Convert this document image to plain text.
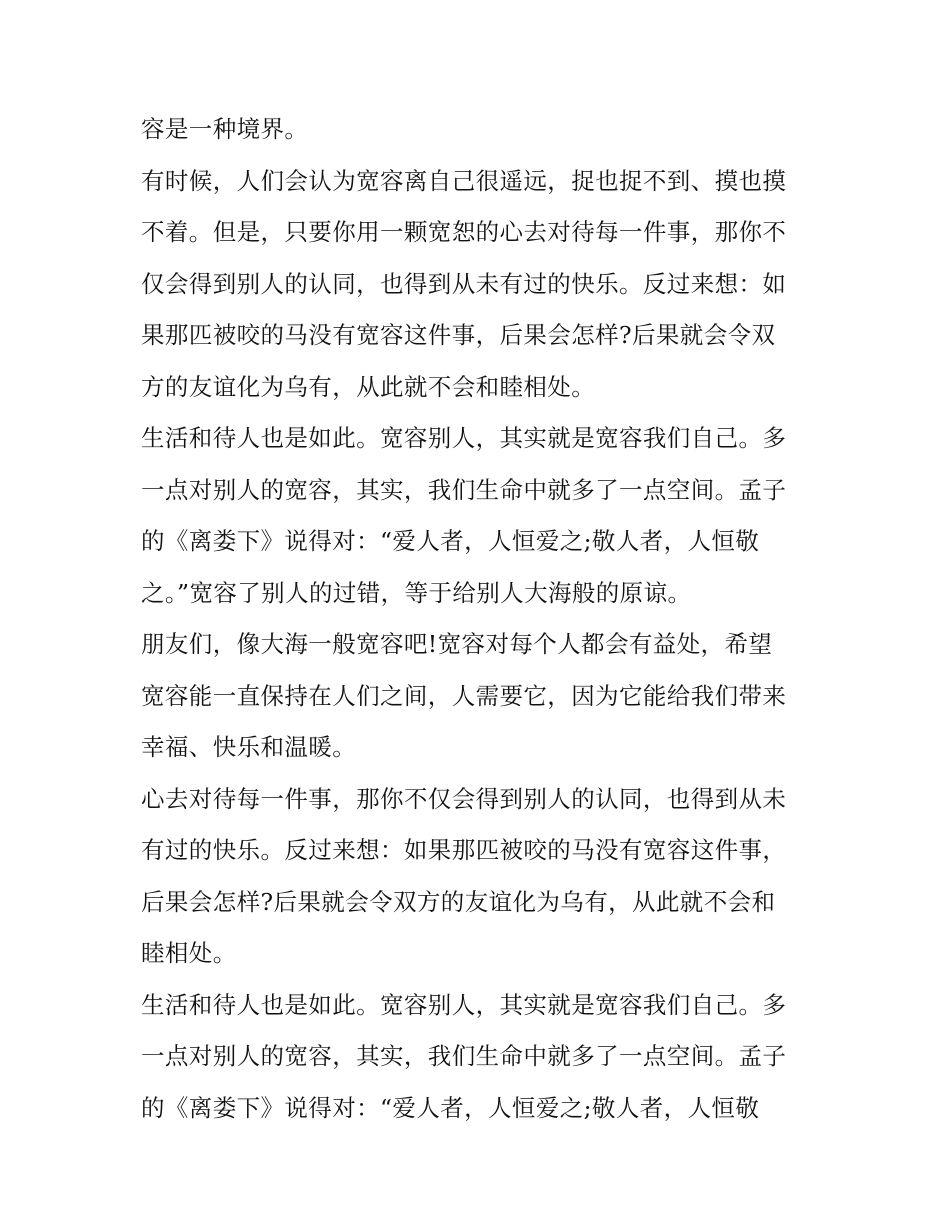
容是一种境界。
有时候，人们会认为宽容离自己很遥远，捉也捉不到、摸也摸
不着。但是，只要你用一颗宽恕的心去对待每一件事，那你不
仅会得到别人的认同，也得到从未有过的快乐。反过来想：如
果那匹被咬的马没有宽容这件事，后果会怎样?后果就会令双
方的友谊化为乌有，从此就不会和睦相处。
生活和待人也是如此。宽容别人，其实就是宽容我们自己。多
一点对别人的宽容，其实，我们生命中就多了一点空间。孟子
的《离娄下》说得对：“爱人者，人恒爱之;敬人者，人恒敬
之。”宽容了别人的过错，等于给别人大海般的原谅。
朋友们，像大海一般宽容吧!宽容对每个人都会有益处，希望
宽容能一直保持在人们之间，人需要它，因为它能给我们带来
幸福、快乐和温暖。
心去对待每一件事，那你不仅会得到别人的认同，也得到从未
有过的快乐。反过来想：如果那匹被咬的马没有宽容这件事，
后果会怎样?后果就会令双方的友谊化为乌有，从此就不会和
睦相处。
生活和待人也是如此。宽容别人，其实就是宽容我们自己。多
一点对别人的宽容，其实，我们生命中就多了一点空间。孟子
的《离娄下》说得对：“爱人者，人恒爱之;敬人者，人恒敬
